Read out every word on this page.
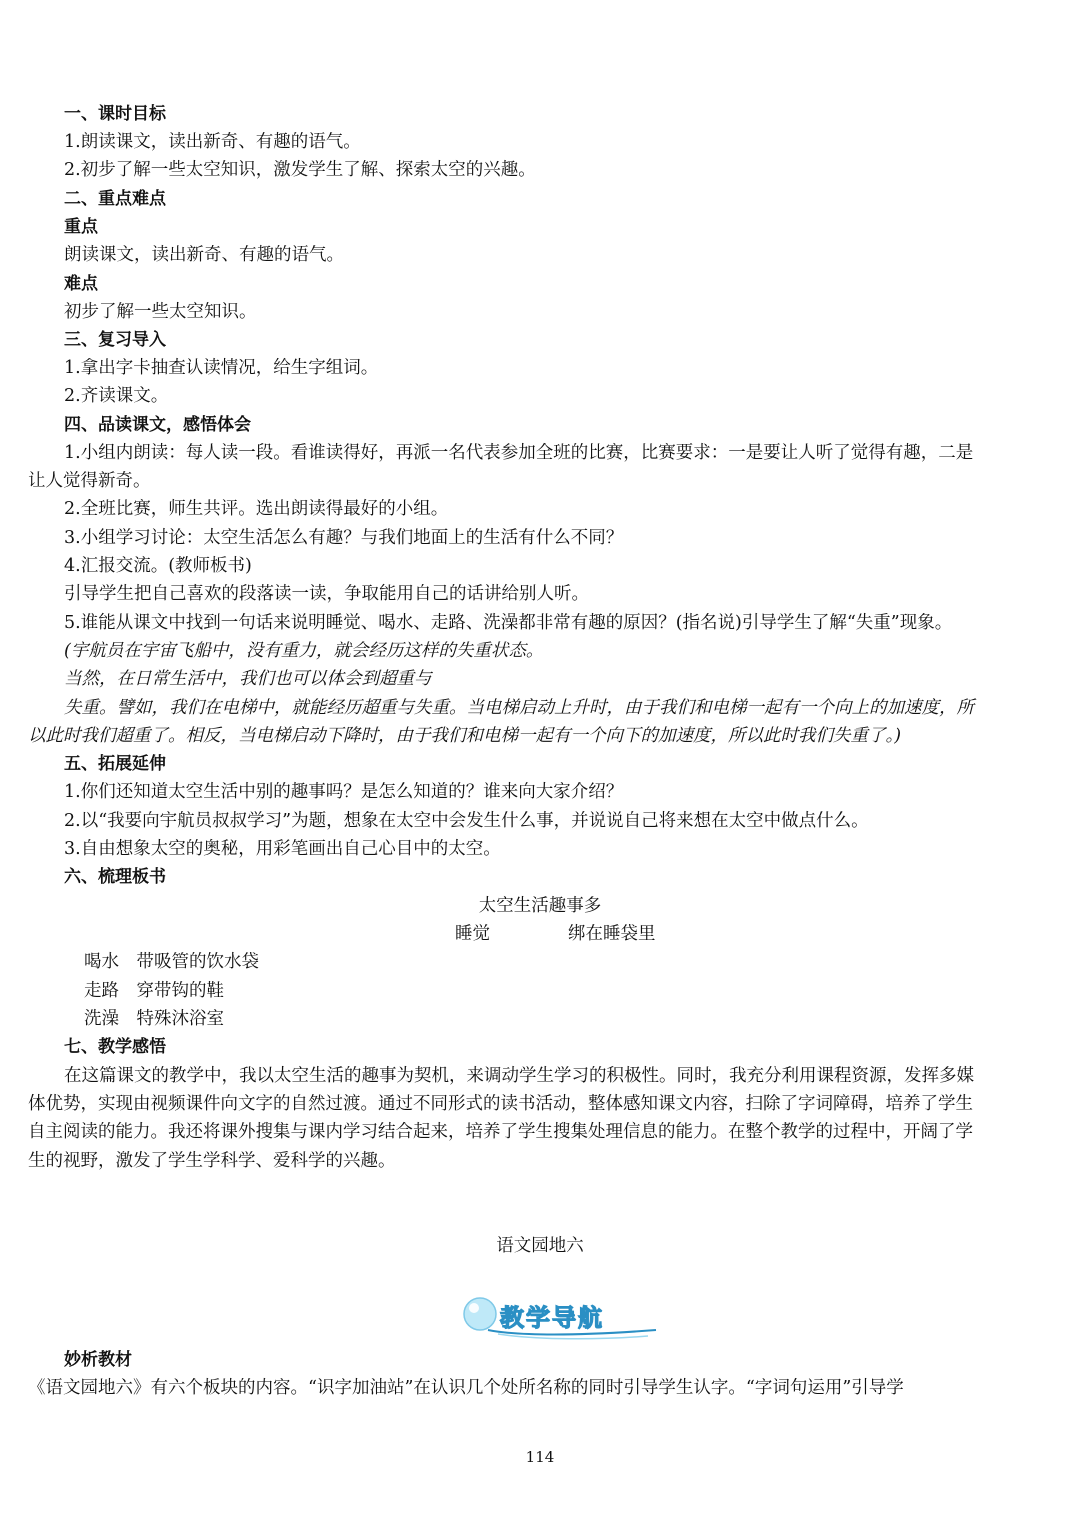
一、课时目标
1.朗读课文，读出新奇、有趣的语气。
2.初步了解一些太空知识，激发学生了解、探索太空的兴趣。
二、重点难点
重点
朗读课文，读出新奇、有趣的语气。
难点
初步了解一些太空知识。
三、复习导入
1.拿出字卡抽查认读情况，给生字组词。
2.齐读课文。
四、品读课文，感悟体会
1.小组内朗读：每人读一段。看谁读得好，再派一名代表参加全班的比赛，比赛要求：一是要让人听了觉得有趣，二是
让人觉得新奇。
2.全班比赛，师生共评。选出朗读得最好的小组。
3.小组学习讨论：太空生活怎么有趣？与我们地面上的生活有什么不同？
4.汇报交流。(教师板书)
引导学生把自己喜欢的段落读一读，争取能用自己的话讲给别人听。
5.谁能从课文中找到一句话来说明睡觉、喝水、走路、洗澡都非常有趣的原因？(指名说)引导学生了解“失重”现象。
(宇航员在宇宙飞船中，没有重力，就会经历这样的失重状态。
当然，在日常生活中，我们也可以体会到超重与
失重。譬如，我们在电梯中，就能经历超重与失重。当电梯启动上升时，由于我们和电梯一起有一个向上的加速度，所
以此时我们超重了。相反，当电梯启动下降时，由于我们和电梯一起有一个向下的加速度，所以此时我们失重了。)
五、拓展延伸
1.你们还知道太空生活中别的趣事吗？是怎么知道的？谁来向大家介绍？
2.以“我要向宇航员叔叔学习”为题，想象在太空中会发生什么事，并说说自己将来想在太空中做点什么。
3.自由想象太空的奥秘，用彩笔画出自己心目中的太空。
六、梳理板书
太空生活趣事多
睡觉	绑在睡袋里
喝水　带吸管的饮水袋
走路　穿带钩的鞋
洗澡　特殊沐浴室
七、教学感悟
在这篇课文的教学中，我以太空生活的趣事为契机，来调动学生学习的积极性。同时，我充分利用课程资源，发挥多媒
体优势，实现由视频课件向文字的自然过渡。通过不同形式的读书活动，整体感知课文内容，扫除了字词障碍，培养了学生
自主阅读的能力。我还将课外搜集与课内学习结合起来，培养了学生搜集处理信息的能力。在整个教学的过程中，开阔了学
生的视野，激发了学生学科学、爱科学的兴趣。
语文园地六
教学导航
妙析教材
《语文园地六》有六个板块的内容。“识字加油站”在认识几个处所名称的同时引导学生认字。“字词句运用”引导学
114
